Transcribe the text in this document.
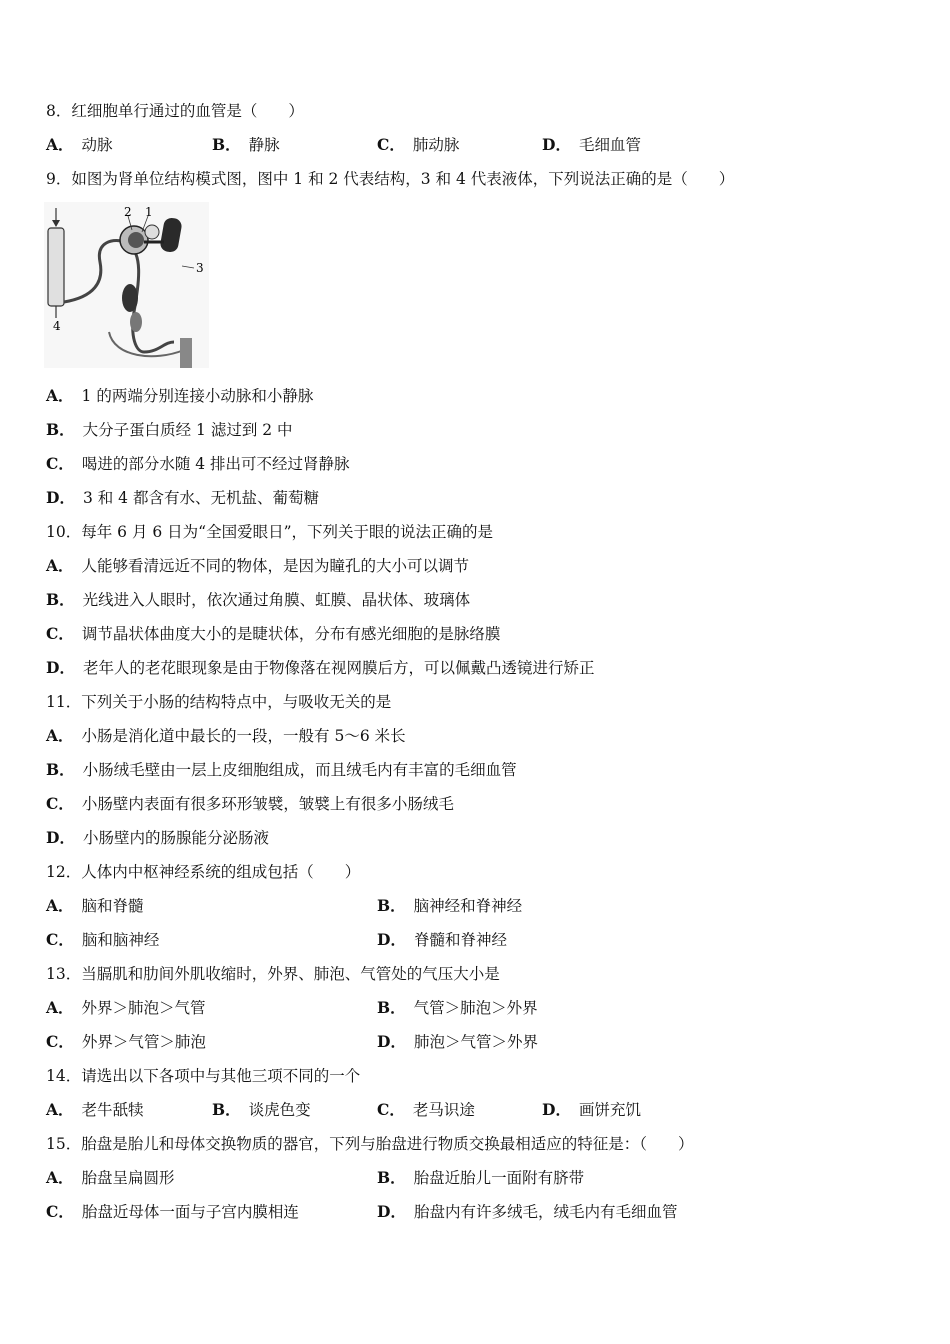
8．红细胞单行通过的血管是（　　）
A． 动脉	B． 静脉	C． 肺动脉	D． 毛细血管
9．如图为肾单位结构模式图，图中 1 和 2 代表结构，3 和 4 代表液体，下列说法正确的是（　　）
2 1
3
4
A． 1 的两端分别连接小动脉和小静脉
B． 大分子蛋白质经 1 滤过到 2 中
C． 喝进的部分水随 4 排出可不经过肾静脉
D． 3 和 4 都含有水、无机盐、葡萄糖
10．每年 6 月 6 日为“全国爱眼日”，下列关于眼的说法正确的是
A． 人能够看清远近不同的物体，是因为瞳孔的大小可以调节
B． 光线进入人眼时，依次通过角膜、虹膜、晶状体、玻璃体
C． 调节晶状体曲度大小的是睫状体，分布有感光细胞的是脉络膜
D． 老年人的老花眼现象是由于物像落在视网膜后方，可以佩戴凸透镜进行矫正
11．下列关于小肠的结构特点中，与吸收无关的是
A． 小肠是消化道中最长的一段，一般有 5～6 米长
B． 小肠绒毛壁由一层上皮细胞组成，而且绒毛内有丰富的毛细血管
C． 小肠壁内表面有很多环形皱襞，皱襞上有很多小肠绒毛
D． 小肠壁内的肠腺能分泌肠液
12．人体内中枢神经系统的组成包括（　　）
A． 脑和脊髓	B． 脑神经和脊神经
C． 脑和脑神经	D． 脊髓和脊神经
13．当膈肌和肋间外肌收缩时，外界、肺泡、气管处的气压大小是
A． 外界＞肺泡＞气管	B． 气管＞肺泡＞外界
C． 外界＞气管＞肺泡	D． 肺泡＞气管＞外界
14．请选出以下各项中与其他三项不同的一个
A． 老牛舐犊	B． 谈虎色变	C． 老马识途	D． 画饼充饥
15．胎盘是胎儿和母体交换物质的器官，下列与胎盘进行物质交换最相适应的特征是：（　　）
A． 胎盘呈扁圆形	B． 胎盘近胎儿一面附有脐带
C． 胎盘近母体一面与子宫内膜相连	D． 胎盘内有许多绒毛，绒毛内有毛细血管
